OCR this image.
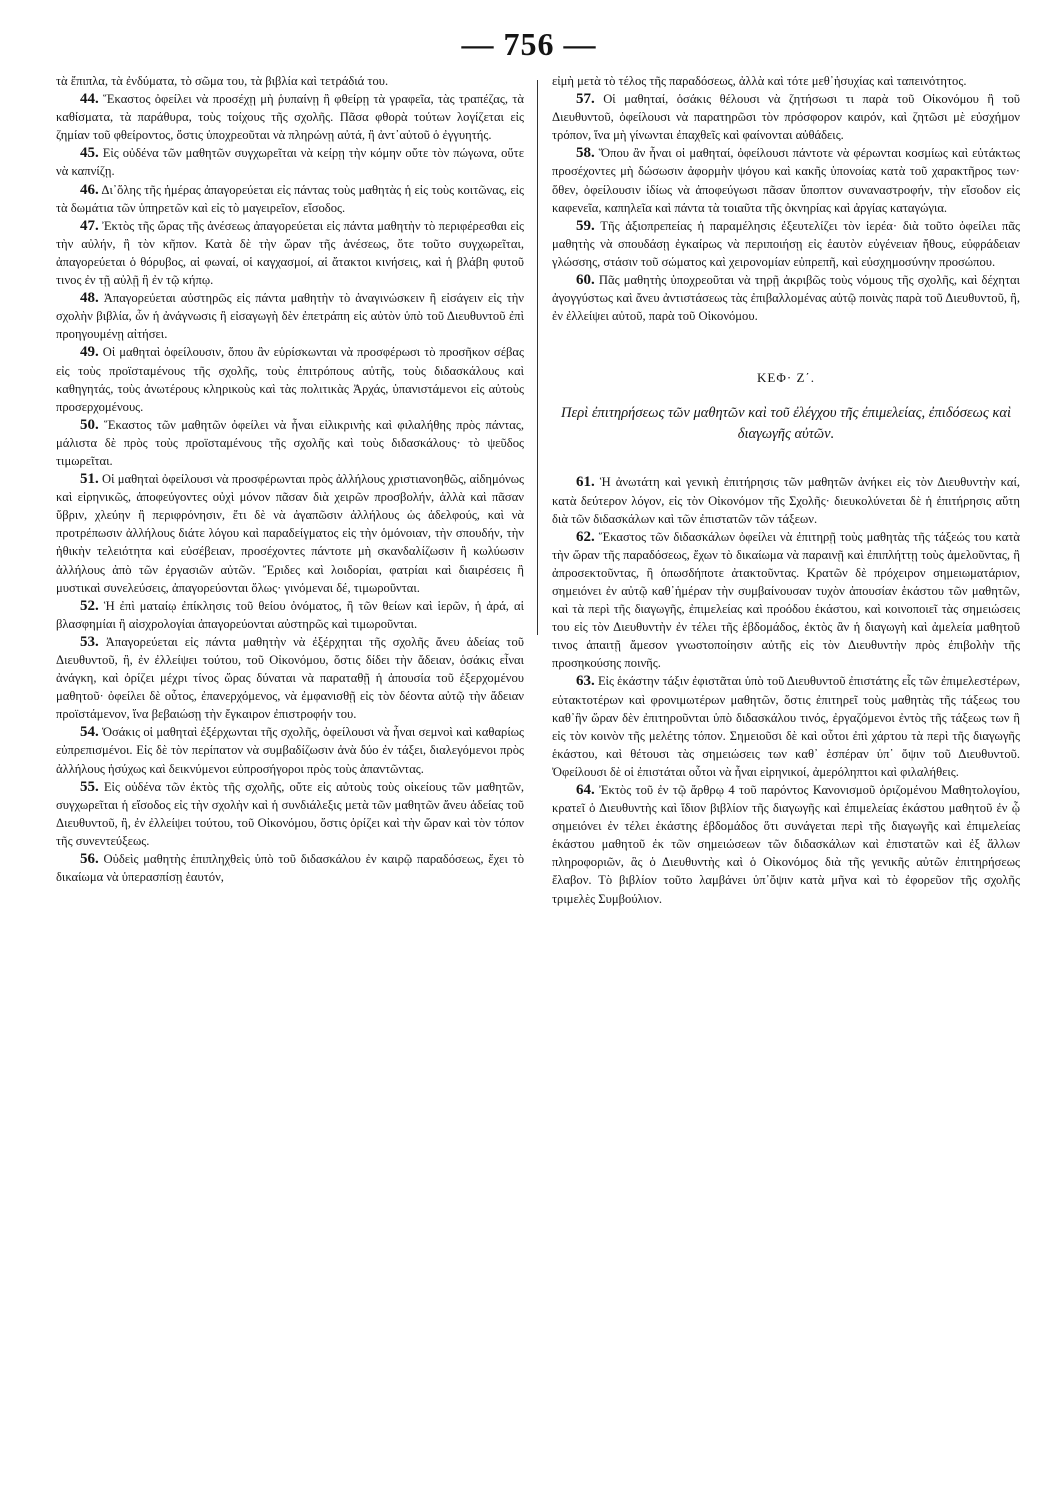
— 756 —

τὰ ἔπιπλα, τὰ ἐνδύματα, τὸ σῶμα του, τὰ βιβλία καὶ τετράδιά του.

44. Ἕκαστος ὀφείλει νὰ προσέχῃ μὴ ῥυπαίνῃ ἢ φθείρῃ τὰ γραφεῖα, τὰς τραπέζας, τὰ καθίσματα, τὰ παράθυρα, τοὺς τοίχους τῆς σχολῆς. Πᾶσα φθορὰ τούτων λογίζεται εἰς ζημίαν τοῦ φθείροντος, ὅστις ὑποχρεοῦται νὰ πληρώνῃ αὐτά, ἢ ἀντ᾽αὐτοῦ ὁ ἐγγυητής.

45. Εἰς οὐδένα τῶν μαθητῶν συγχωρεῖται νὰ κείρῃ τὴν κόμην οὔτε τὸν πώγωνα, οὔτε νὰ καπνίζῃ.

46. Δι᾽ὅλης τῆς ἡμέρας ἀπαγορεύεται εἰς πάντας τοὺς μαθητὰς ἡ εἰς τοὺς κοιτῶνας, εἰς τὰ δωμάτια τῶν ὑπηρετῶν καὶ εἰς τὸ μαγειρεῖον, εἴσοδος.

47. Ἐκτὸς τῆς ὥρας τῆς ἀνέσεως ἀπαγορεύεται εἰς πάντα μαθητὴν τὸ περιφέρεσθαι εἰς τὴν αὐλήν, ἢ τὸν κῆπον. Κατὰ δὲ τὴν ὥραν τῆς ἀνέσεως, ὅτε τοῦτο συγχωρεῖται, ἀπαγορεύεται ὁ θόρυβος, αἱ φωναί, οἱ καγχασμοί, αἱ ἄτακτοι κινήσεις, καὶ ἡ βλάβη φυτοῦ τινος ἐν τῇ αὐλῇ ἢ ἐν τῷ κήπῳ.

48. Ἀπαγορεύεται αὐστηρῶς εἰς πάντα μαθητὴν τὸ ἀναγινώσκειν ἢ εἰσάγειν εἰς τὴν σχολὴν βιβλία, ὧν ἡ ἀνάγνωσις ἢ εἰσαγωγὴ δὲν ἐπετράπη εἰς αὐτὸν ὑπὸ τοῦ Διευθυντοῦ ἐπὶ προηγουμένῃ αἰτήσει.

49. Οἱ μαθηταὶ ὀφείλουσιν, ὅπου ἂν εὑρίσκωνται νὰ προσφέρωσι τὸ προσῆκον σέβας εἰς τοὺς προϊσταμένους τῆς σχολῆς, τοὺς ἐπιτρόπους αὐτῆς, τοὺς διδασκάλους καὶ καθηγητάς, τοὺς ἀνωτέρους κληρικοὺς καὶ τὰς πολιτικὰς Ἀρχάς, ὑπανιστάμενοι εἰς αὐτοὺς προσερχομένους.

50. Ἕκαστος τῶν μαθητῶν ὀφείλει νὰ ἦναι εἰλικρινὴς καὶ φιλαλήθης πρὸς πάντας, μάλιστα δὲ πρὸς τοὺς προϊσταμένους τῆς σχολῆς καὶ τοὺς διδασκάλους· τὸ ψεῦδος τιμωρεῖται.

51. Οἱ μαθηταὶ ὀφείλουσι νὰ προσφέρωνται πρὸς ἀλλήλους χριστιανοηθῶς, αἰδημόνως καὶ εἰρηνικῶς, ἀποφεύγοντες οὐχὶ μόνον πᾶσαν διὰ χειρῶν προσβολήν, ἀλλὰ καὶ πᾶσαν ὕβριν, χλεύην ἢ περιφρόνησιν, ἔτι δὲ νὰ ἀγαπῶσιν ἀλλήλους ὡς ἀδελφούς, καὶ νὰ προτρέπωσιν ἀλλήλους διάτε λόγου καὶ παραδείγματος εἰς τὴν ὁμόνοιαν, τὴν σπουδήν, τὴν ἠθικὴν τελειότητα καὶ εὐσέβειαν, προσέχοντες πάντοτε μὴ σκανδαλίζωσιν ἢ κωλύωσιν ἀλλήλους ἀπὸ τῶν ἐργασιῶν αὐτῶν. Ἔριδες καὶ λοιδορίαι, φατρίαι καὶ διαιρέσεις ἢ μυστικαὶ συνελεύσεις, ἀπαγορεύονται ὅλως· γινόμεναι δέ, τιμωροῦνται.

52. Ἡ ἐπὶ ματαίῳ ἐπίκλησις τοῦ θείου ὀνόματος, ἢ τῶν θείων καὶ ἱερῶν, ἡ ἀρά, αἱ βλασφημίαι ἢ αἰσχρολογίαι ἀπαγορεύονται αὐστηρῶς καὶ τιμωροῦνται.

53. Ἀπαγορεύεται εἰς πάντα μαθητὴν νὰ ἐξέρχηται τῆς σχολῆς ἄνευ ἀδείας τοῦ Διευθυντοῦ, ἢ, ἐν ἐλλείψει τούτου, τοῦ Οἰκονόμου, ὅστις δίδει τὴν ἄδειαν, ὁσάκις εἶναι ἀνάγκη, καὶ ὁρίζει μέχρι τίνος ὥρας δύναται νὰ παραταθῇ ἡ ἀπουσία τοῦ ἐξερχομένου μαθητοῦ· ὀφείλει δὲ οὗτος, ἐπανερχόμενος, νὰ ἐμφανισθῇ εἰς τὸν δέοντα αὐτῷ τὴν ἄδειαν προϊστάμενον, ἵνα βεβαιώσῃ τὴν ἔγκαιρον ἐπιστροφήν του.

54. Ὁσάκις οἱ μαθηταὶ ἐξέρχωνται τῆς σχολῆς, ὀφείλουσι νὰ ἦναι σεμνοὶ καὶ καθαρίως εὐπρεπισμένοι. Εἰς δὲ τὸν περίπατον νὰ συμβαδίζωσιν ἀνὰ δύο ἐν τάξει, διαλεγόμενοι πρὸς ἀλλήλους ἡσύχως καὶ δεικνύμενοι εὐπροσήγοροι πρὸς τοὺς ἀπαντῶντας.

55. Εἰς οὐδένα τῶν ἐκτὸς τῆς σχολῆς, οὔτε εἰς αὐτοὺς τοὺς οἰκείους τῶν μαθητῶν, συγχωρεῖται ἡ εἴσοδος εἰς τὴν σχολὴν καὶ ἡ συνδιάλεξις μετὰ τῶν μαθητῶν ἄνευ ἀδείας τοῦ Διευθυντοῦ, ἢ, ἐν ἐλλείψει τούτου, τοῦ Οἰκονόμου, ὅστις ὁρίζει καὶ τὴν ὥραν καὶ τὸν τόπον τῆς συνεντεύξεως.

56. Οὐδεὶς μαθητὴς ἐπιπληχθεὶς ὑπὸ τοῦ διδασκάλου ἐν καιρῷ παραδόσεως, ἔχει τὸ δικαίωμα νὰ ὑπερασπίσῃ ἑαυτόν,

εἰμὴ μετὰ τὸ τέλος τῆς παραδόσεως, ἀλλὰ καὶ τότε μεθ᾽ἡσυχίας καὶ ταπεινότητος.

57. Οἱ μαθηταί, ὁσάκις θέλουσι νὰ ζητήσωσι τι παρὰ τοῦ Οἰκονόμου ἢ τοῦ Διευθυντοῦ, ὀφείλουσι νὰ παρατηρῶσι τὸν πρόσφορον καιρόν, καὶ ζητῶσι μὲ εὐσχήμον τρόπον, ἵνα μὴ γίνωνται ἐπαχθεῖς καὶ φαίνονται αὐθάδεις.

58. Ὅπου ἂν ἦναι οἱ μαθηταί, ὀφείλουσι πάντοτε νὰ φέρωνται κοσμίως καὶ εὐτάκτως προσέχοντες μὴ δώσωσιν ἀφορμὴν ψόγου καὶ κακῆς ὑπονοίας κατὰ τοῦ χαρακτῆρος των· ὅθεν, ὀφείλουσιν ἰδίως νὰ ἀποφεύγωσι πᾶσαν ὕποπτον συναναστροφήν, τὴν εἴσοδον εἰς καφενεῖα, καπηλεῖα καὶ πάντα τὰ τοιαῦτα τῆς ὀκνηρίας καὶ ἀργίας καταγώγια.

59. Τῆς ἀξιοπρεπείας ἡ παραμέλησις ἐξευτελίζει τὸν ἱερέα· διὰ τοῦτο ὀφείλει πᾶς μαθητὴς νὰ σπουδάσῃ ἐγκαίρως νὰ περιποιήσῃ εἰς ἑαυτὸν εὐγένειαν ἤθους, εὐφράδειαν γλώσσης, στάσιν τοῦ σώματος καὶ χειρονομίαν εὐπρεπῆ, καὶ εὐσχημοσύνην προσώπου.

60. Πᾶς μαθητὴς ὑποχρεοῦται νὰ τηρῇ ἀκριβῶς τοὺς νόμους τῆς σχολῆς, καὶ δέχηται ἀγογγύστως καὶ ἄνευ ἀντιστάσεως τὰς ἐπιβαλλομένας αὐτῷ ποινὰς παρὰ τοῦ Διευθυντοῦ, ἢ, ἐν ἐλλείψει αὐτοῦ, παρὰ τοῦ Οἰκονόμου.

ΚΕΦ· Ζ΄.
Περὶ ἐπιτηρήσεως τῶν μαθητῶν καὶ τοῦ ἐλέγχου τῆς ἐπιμελείας, ἐπιδόσεως καὶ διαγωγῆς αὐτῶν.

61. Ἡ ἀνωτάτη καὶ γενικὴ ἐπιτήρησις τῶν μαθητῶν ἀνήκει εἰς τὸν Διευθυντὴν καί, κατὰ δεύτερον λόγον, εἰς τὸν Οἰκονόμον τῆς Σχολῆς· διευκολύνεται δὲ ἡ ἐπιτήρησις αὕτη διὰ τῶν διδασκάλων καὶ τῶν ἐπιστατῶν τῶν τάξεων.

62. Ἕκαστος τῶν διδασκάλων ὀφείλει νὰ ἐπιτηρῇ τοὺς μαθητὰς τῆς τάξεώς του κατὰ τὴν ὥραν τῆς παραδόσεως, ἔχων τὸ δικαίωμα νὰ παραινῇ καὶ ἐπιπλήττῃ τοὺς ἀμελοῦντας, ἢ ἀπροσεκτοῦντας, ἢ ὁπωσδήποτε ἀτακτοῦντας. Κρατῶν δὲ πρόχειρον σημειωματάριον, σημειόνει ἐν αὐτῷ καθ᾽ἡμέραν τὴν συμβαίνουσαν τυχὸν ἀπουσίαν ἑκάστου τῶν μαθητῶν, καὶ τὰ περὶ τῆς διαγωγῆς, ἐπιμελείας καὶ προόδου ἑκάστου, καὶ κοινοποιεῖ τὰς σημειώσεις του εἰς τὸν Διευθυντὴν ἐν τέλει τῆς ἑβδομάδος, ἐκτὸς ἂν ἡ διαγωγὴ καὶ ἀμελεία μαθητοῦ τινος ἀπαιτῇ ἄμεσον γνωστοποίησιν αὐτῆς εἰς τὸν Διευθυντὴν πρὸς ἐπιβολὴν τῆς προσηκούσης ποινῆς.

63. Εἰς ἑκάστην τάξιν ἐφιστᾶται ὑπὸ τοῦ Διευθυντοῦ ἐπιστάτης εἷς τῶν ἐπιμελεστέρων, εὐτακτοτέρων καὶ φρονιμωτέρων μαθητῶν, ὅστις ἐπιτηρεῖ τοὺς μαθητὰς τῆς τάξεως του καθ᾽ἣν ὥραν δὲν ἐπιτηροῦνται ὑπὸ διδασκάλου τινός, ἐργαζόμενοι ἐντὸς τῆς τάξεως των ἢ εἰς τὸν κοινὸν τῆς μελέτης τόπον. Σημειοῦσι δὲ καὶ οὗτοι ἐπὶ χάρτου τὰ περὶ τῆς διαγωγῆς ἑκάστου, καὶ θέτουσι τὰς σημειώσεις των καθ᾽ ἑσπέραν ὑπ᾽ ὄψιν τοῦ Διευθυντοῦ. Ὀφείλουσι δὲ οἱ ἐπιστάται οὗτοι νὰ ἦναι εἰρηνικοί, ἀμερόληπτοι καὶ φιλαλήθεις.

64. Ἐκτὸς τοῦ ἐν τῷ ἄρθρῳ 4 τοῦ παρόντος Κανονισμοῦ ὁριζομένου Μαθητολογίου, κρατεῖ ὁ Διευθυντὴς καὶ ἴδιον βιβλίον τῆς διαγωγῆς καὶ ἐπιμελείας ἑκάστου μαθητοῦ ἐν ᾧ σημειόνει ἐν τέλει ἑκάστης ἑβδομάδος ὅτι συνάγεται περὶ τῆς διαγωγῆς καὶ ἐπιμελείας ἑκάστου μαθητοῦ ἐκ τῶν σημειώσεων τῶν διδασκάλων καὶ ἐπιστατῶν καὶ ἐξ ἄλλων πληροφοριῶν, ἃς ὁ Διευθυντὴς καὶ ὁ Οἰκονόμος διὰ τῆς γενικῆς αὐτῶν ἐπιτηρήσεως ἔλαβον. Τὸ βιβλίον τοῦτο λαμβάνει ὑπ᾽ὄψιν κατὰ μῆνα καὶ τὸ ἐφορεῦον τῆς σχολῆς τριμελὲς Συμβούλιον.
